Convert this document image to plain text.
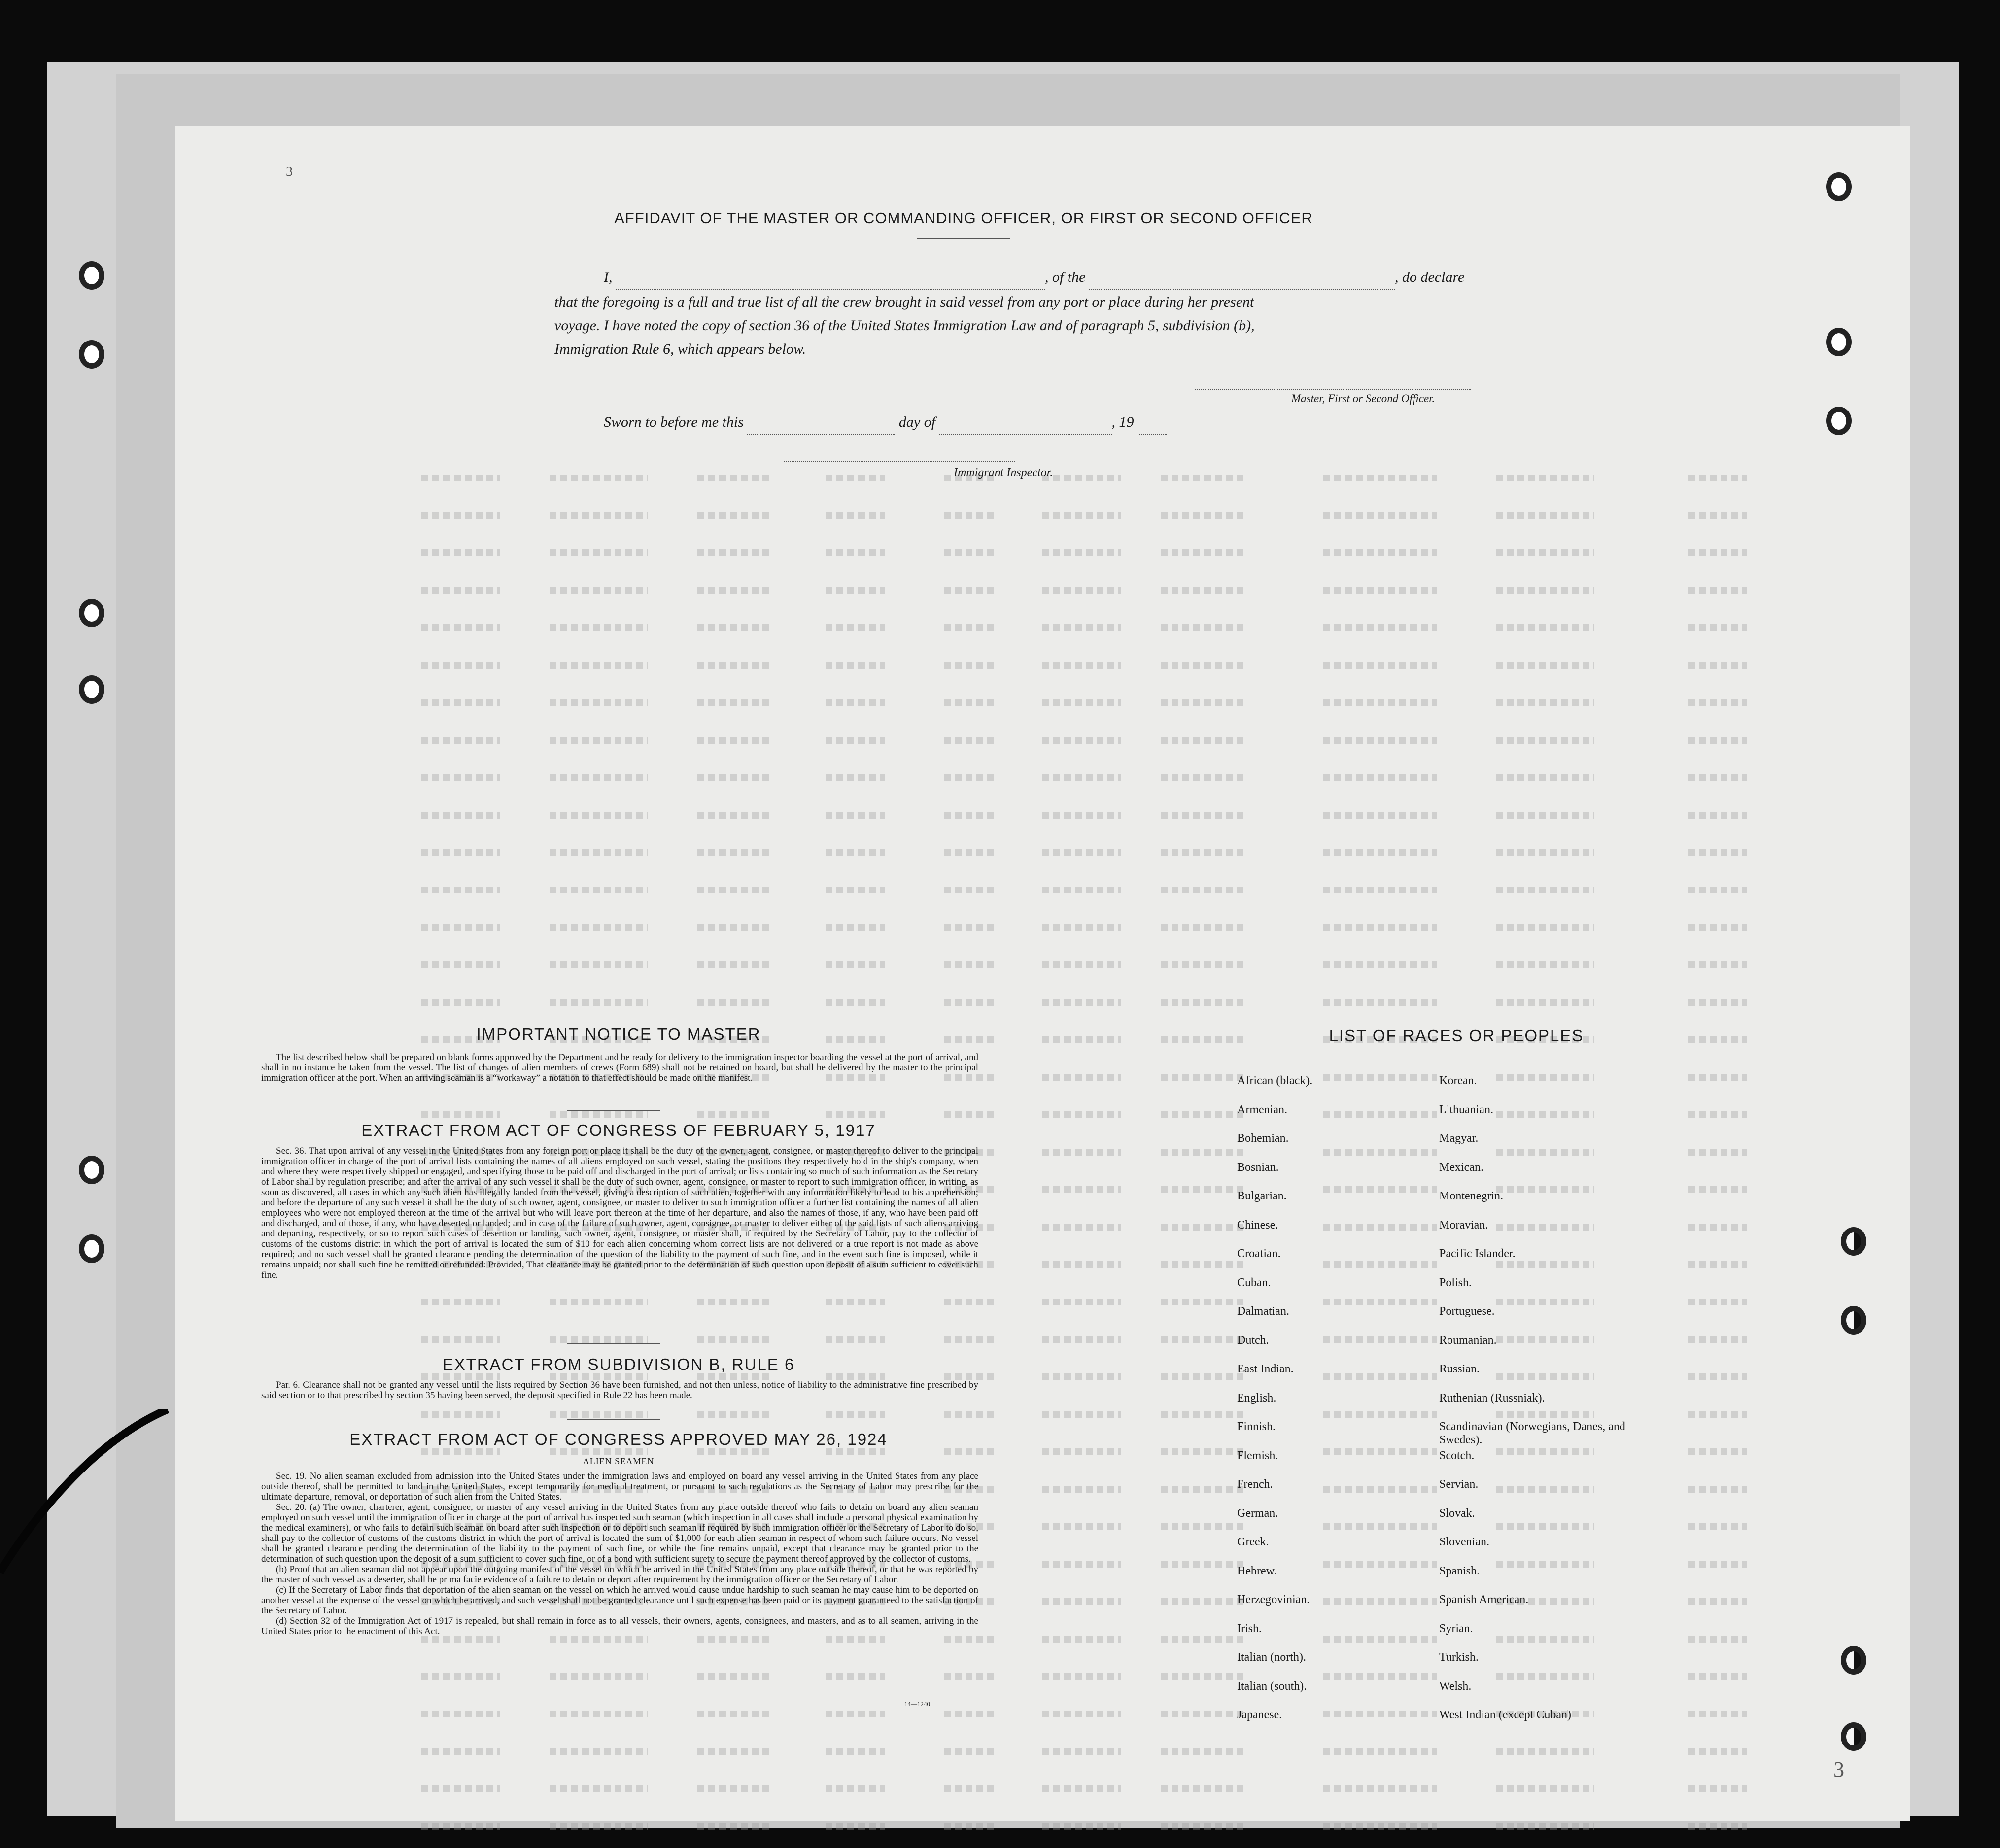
3
3
AFFIDAVIT OF THE MASTER OR COMMANDING OFFICER, OR FIRST OR SECOND OFFICER
I,	, of the	, do declare
that the foregoing is a full and true list of all the crew brought in said vessel from any port or place during her present
voyage. I have noted the copy of section 36 of the United States Immigration Law and of paragraph 5, subdivision (b),
Immigration Rule 6, which appears below.
Master, First or Second Officer.
Sworn to before me this	day of	, 19
Immigrant Inspector.
IMPORTANT NOTICE TO MASTER
The list described below shall be prepared on blank forms approved by the Department and be ready for delivery to the immigration inspector boarding the vessel at the port of arrival, and shall in no instance be taken from the vessel. The list of changes of alien members of crews (Form 689) shall not be retained on board, but shall be delivered by the master to the principal immigration officer at the port. When an arriving seaman is a “workaway” a notation to that effect should be made on the manifest.
EXTRACT FROM ACT OF CONGRESS OF FEBRUARY 5, 1917
Sec. 36. That upon arrival of any vessel in the United States from any foreign port or place it shall be the duty of the owner, agent, consignee, or master thereof to deliver to the principal immigration officer in charge of the port of arrival lists containing the names of all aliens employed on such vessel, stating the positions they respectively hold in the ship's company, when and where they were respectively shipped or engaged, and specifying those to be paid off and discharged in the port of arrival; or lists containing so much of such information as the Secretary of Labor shall by regulation prescribe; and after the arrival of any such vessel it shall be the duty of such owner, agent, consignee, or master to report to such immigration officer, in writing, as soon as discovered, all cases in which any such alien has illegally landed from the vessel, giving a description of such alien, together with any information likely to lead to his apprehension; and before the departure of any such vessel it shall be the duty of such owner, agent, consignee, or master to deliver to such immigration officer a further list containing the names of all alien employees who were not employed thereon at the time of the arrival but who will leave port thereon at the time of her departure, and also the names of those, if any, who have been paid off and discharged, and of those, if any, who have deserted or landed; and in case of the failure of such owner, agent, consignee, or master to deliver either of the said lists of such aliens arriving and departing, respectively, or so to report such cases of desertion or landing, such owner, agent, consignee, or master shall, if required by the Secretary of Labor, pay to the collector of customs of the customs district in which the port of arrival is located the sum of $10 for each alien concerning whom correct lists are not delivered or a true report is not made as above required; and no such vessel shall be granted clearance pending the determination of the question of the liability to the payment of such fine, and in the event such fine is imposed, while it remains unpaid; nor shall such fine be remitted or refunded: Provided, That clearance may be granted prior to the determination of such question upon deposit of a sum sufficient to cover such fine.
EXTRACT FROM SUBDIVISION B, RULE 6
Par. 6. Clearance shall not be granted any vessel until the lists required by Section 36 have been furnished, and not then unless, notice of liability to the administrative fine prescribed by said section or to that prescribed by section 35 having been served, the deposit specified in Rule 22 has been made.
EXTRACT FROM ACT OF CONGRESS APPROVED MAY 26, 1924
ALIEN SEAMEN
Sec. 19. No alien seaman excluded from admission into the United States under the immigration laws and employed on board any vessel arriving in the United States from any place outside thereof, shall be permitted to land in the United States, except temporarily for medical treatment, or pursuant to such regulations as the Secretary of Labor may prescribe for the ultimate departure, removal, or deportation of such alien from the United States.
Sec. 20. (a) The owner, charterer, agent, consignee, or master of any vessel arriving in the United States from any place outside thereof who fails to detain on board any alien seaman employed on such vessel until the immigration officer in charge at the port of arrival has inspected such seaman (which inspection in all cases shall include a personal physical examination by the medical examiners), or who fails to detain such seaman on board after such inspection or to deport such seaman if required by such immigration officer or the Secretary of Labor to do so, shall pay to the collector of customs of the customs district in which the port of arrival is located the sum of $1,000 for each alien seaman in respect of whom such failure occurs. No vessel shall be granted clearance pending the determination of the liability to the payment of such fine, or while the fine remains unpaid, except that clearance may be granted prior to the determination of such question upon the deposit of a sum sufficient to cover such fine, or of a bond with sufficient surety to secure the payment thereof approved by the collector of customs.
(b) Proof that an alien seaman did not appear upon the outgoing manifest of the vessel on which he arrived in the United States from any place outside thereof, or that he was reported by the master of such vessel as a deserter, shall be prima facie evidence of a failure to detain or deport after requirement by the immigration officer or the Secretary of Labor.
(c) If the Secretary of Labor finds that deportation of the alien seaman on the vessel on which he arrived would cause undue hardship to such seaman he may cause him to be deported on another vessel at the expense of the vessel on which he arrived, and such vessel shall not be granted clearance until such expense has been paid or its payment guaranteed to the satisfaction of the Secretary of Labor.
(d) Section 32 of the Immigration Act of 1917 is repealed, but shall remain in force as to all vessels, their owners, agents, consignees, and masters, and as to all seamen, arriving in the United States prior to the enactment of this Act.
14—1240
LIST OF RACES OR PEOPLES
African (black).
Armenian.
Bohemian.
Bosnian.
Bulgarian.
Chinese.
Croatian.
Cuban.
Dalmatian.
Dutch.
East Indian.
English.
Finnish.
Flemish.
French.
German.
Greek.
Hebrew.
Herzegovinian.
Irish.
Italian (north).
Italian (south).
Japanese.
Korean.
Lithuanian.
Magyar.
Mexican.
Montenegrin.
Moravian.
Pacific Islander.
Polish.
Portuguese.
Roumanian.
Russian.
Ruthenian (Russniak).
Scandinavian (Norwegians, Danes, and Swedes).
Scotch.
Servian.
Slovak.
Slovenian.
Spanish.
Spanish American.
Syrian.
Turkish.
Welsh.
West Indian (except Cuban)
